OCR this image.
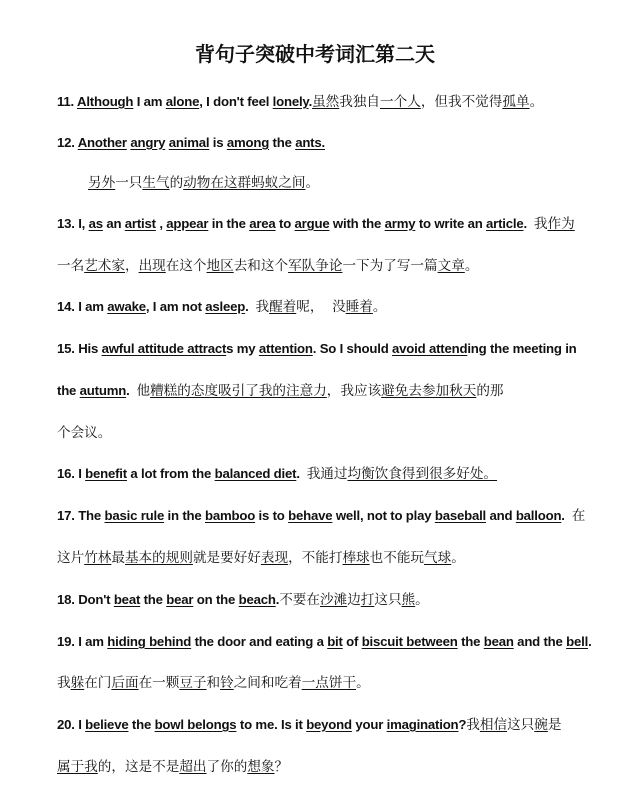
背句子突破中考词汇第二天
11. Although I am alone, I don't feel lonely.虽然我独自一个人，但我不觉得孤单。
12. Another angry animal is among the ants.
另外一只生气的动物在这群蚂蚁之间。
13. I, as an artist , appear in the area to argue with the army to write an article.  我作为
一名艺术家，出现在这个地区去和这个军队争论一下为了写一篇文章。
14. I am awake, I am not asleep.  我醒着呢，  没睡着。
15. His awful attitude attracts my attention. So I should avoid attending the meeting in
the autumn.  他糟糕的态度吸引了我的注意力，我应该避免去参加秋天的那
个会议。
16. I benefit a lot from the balanced diet.  我通过均衡饮食得到很多好处。
17. The basic rule in the bamboo is to behave well, not to play baseball and balloon.  在
这片竹林最基本的规则就是要好好表现，不能打棒球也不能玩气球。
18. Don't beat the bear on the beach.不要在沙滩边打这只熊。
19. I am hiding behind the door and eating a bit of biscuit between the bean and the bell.
我躲在门后面在一颗豆子和铃之间和吃着一点饼干。
20. I believe the bowl belongs to me. Is it beyond your imagination?我相信这只碗是
属于我的，这是不是超出了你的想象？
